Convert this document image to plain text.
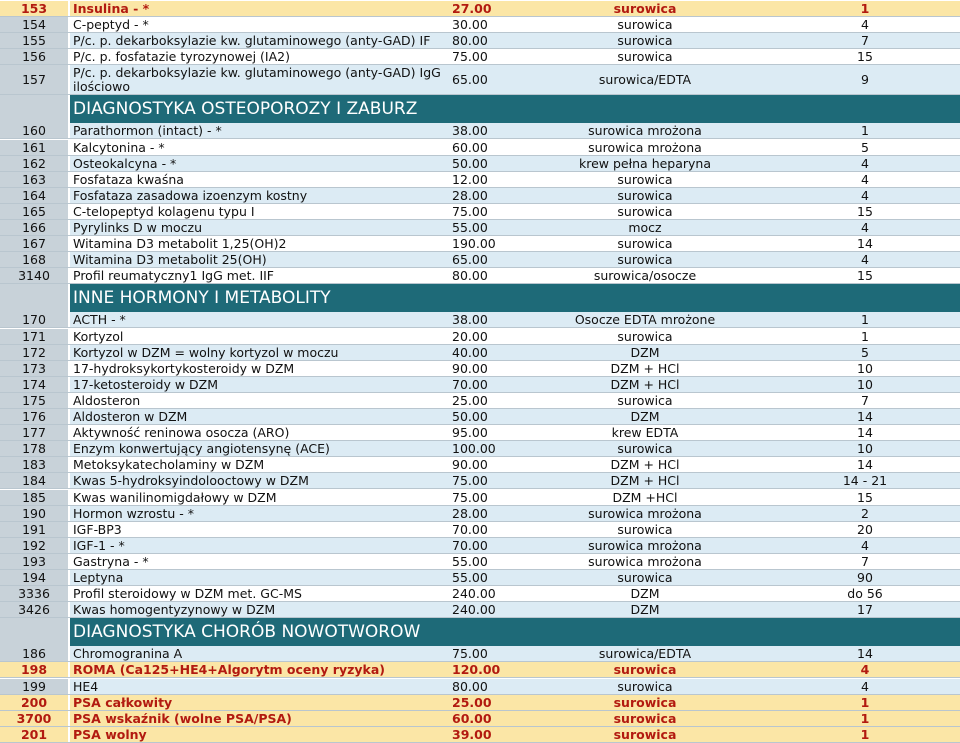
153	Insulina - *	27.00	surowica	1
154	C-peptyd - *	30.00	surowica	4
155	P/c. p. dekarboksylazie kw. glutaminowego (anty-GAD) IF	80.00	surowica	7
156	P/c. p. fosfatazie tyrozynowej (IA2)	75.00	surowica	15
157	P/c. p. dekarboksylazie kw. glutaminowego (anty-GAD) IgG ilościowo	65.00	surowica/EDTA	9
DIAGNOSTYKA OSTEOPOROZY I ZABURZ
160	Parathormon (intact) - *	38.00	surowica mrożona	1
161	Kalcytonina - *	60.00	surowica mrożona	5
162	Osteokalcyna - *	50.00	krew pełna heparyna	4
163	Fosfataza kwaśna	12.00	surowica	4
164	Fosfataza zasadowa izoenzym kostny	28.00	surowica	4
165	C-telopeptyd kolagenu typu I	75.00	surowica	15
166	Pyrylinks D w moczu	55.00	mocz	4
167	Witamina D3 metabolit 1,25(OH)2	190.00	surowica	14
168	Witamina D3 metabolit 25(OH)	65.00	surowica	4
3140	Profil reumatyczny1 IgG met. IIF	80.00	surowica/osocze	15
INNE HORMONY I METABOLITY
170	ACTH - *	38.00	Osocze EDTA mrożone	1
171	Kortyzol	20.00	surowica	1
172	Kortyzol w DZM = wolny kortyzol w moczu	40.00	DZM	5
173	17-hydroksykortykosteroidy w DZM	90.00	DZM + HCl	10
174	17-ketosteroidy w DZM	70.00	DZM + HCl	10
175	Aldosteron	25.00	surowica	7
176	Aldosteron w DZM	50.00	DZM	14
177	Aktywność reninowa osocza (ARO)	95.00	krew EDTA	14
178	Enzym konwertujący angiotensynę (ACE)	100.00	surowica	10
183	Metoksykatecholaminy w DZM	90.00	DZM + HCl	14
184	Kwas 5-hydroksyindolooctowy w DZM	75.00	DZM + HCl	14 - 21
185	Kwas wanilinomigdałowy w DZM	75.00	DZM +HCl	15
190	Hormon wzrostu - *	28.00	surowica mrożona	2
191	IGF-BP3	70.00	surowica	20
192	IGF-1 - *	70.00	surowica mrożona	4
193	Gastryna - *	55.00	surowica mrożona	7
194	Leptyna	55.00	surowica	90
3336	Profil steroidowy w DZM met. GC-MS	240.00	DZM	do 56
3426	Kwas homogentyzynowy w DZM	240.00	DZM	17
DIAGNOSTYKA CHORÓB NOWOTWOROW
186	Chromogranina A	75.00	surowica/EDTA	14
198	ROMA (Ca125+HE4+Algorytm oceny ryzyka)	120.00	surowica	4
199	HE4	80.00	surowica	4
200	PSA całkowity	25.00	surowica	1
3700	PSA wskaźnik (wolne PSA/PSA)	60.00	surowica	1
201	PSA wolny	39.00	surowica	1
